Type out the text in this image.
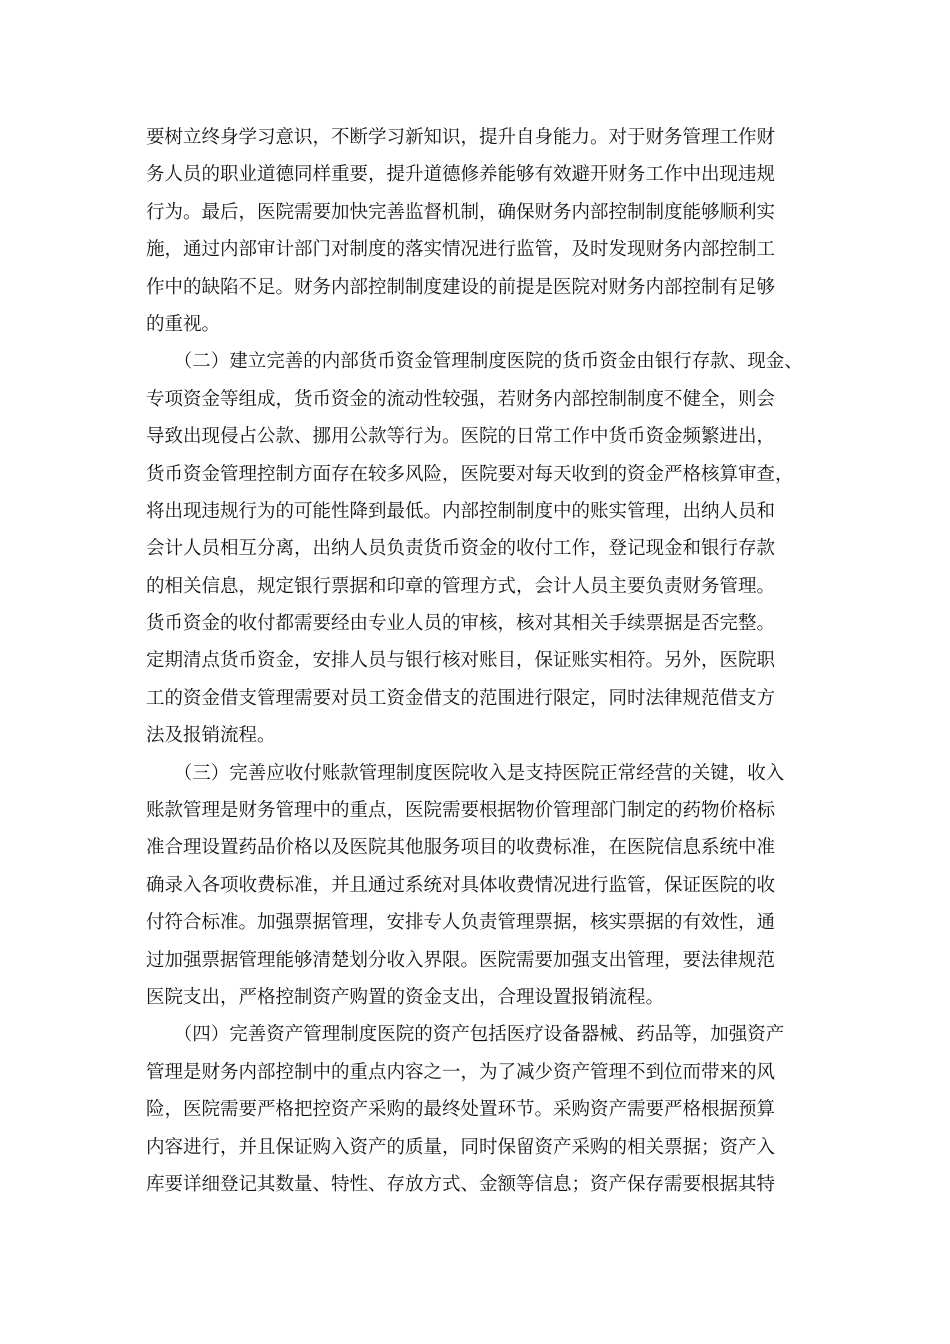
要树立终身学习意识，不断学习新知识，提升自身能力。对于财务管理工作财
务人员的职业道德同样重要，提升道德修养能够有效避开财务工作中出现违规
行为。最后，医院需要加快完善监督机制，确保财务内部控制制度能够顺利实
施，通过内部审计部门对制度的落实情况进行监管，及时发现财务内部控制工
作中的缺陷不足。财务内部控制制度建设的前提是医院对财务内部控制有足够
的重视。
　　（二）建立完善的内部货币资金管理制度医院的货币资金由银行存款、现金、
专项资金等组成，货币资金的流动性较强，若财务内部控制制度不健全，则会
导致出现侵占公款、挪用公款等行为。医院的日常工作中货币资金频繁进出，
货币资金管理控制方面存在较多风险，医院要对每天收到的资金严格核算审查，
将出现违规行为的可能性降到最低。内部控制制度中的账实管理，出纳人员和
会计人员相互分离，出纳人员负责货币资金的收付工作，登记现金和银行存款
的相关信息，规定银行票据和印章的管理方式，会计人员主要负责财务管理。
货币资金的收付都需要经由专业人员的审核，核对其相关手续票据是否完整。
定期清点货币资金，安排人员与银行核对账目，保证账实相符。另外，医院职
工的资金借支管理需要对员工资金借支的范围进行限定，同时法律规范借支方
法及报销流程。
　　（三）完善应收付账款管理制度医院收入是支持医院正常经营的关键，收入
账款管理是财务管理中的重点，医院需要根据物价管理部门制定的药物价格标
准合理设置药品价格以及医院其他服务项目的收费标准，在医院信息系统中准
确录入各项收费标准，并且通过系统对具体收费情况进行监管，保证医院的收
付符合标准。加强票据管理，安排专人负责管理票据，核实票据的有效性，通
过加强票据管理能够清楚划分收入界限。医院需要加强支出管理，要法律规范
医院支出，严格控制资产购置的资金支出，合理设置报销流程。
　　（四）完善资产管理制度医院的资产包括医疗设备器械、药品等，加强资产
管理是财务内部控制中的重点内容之一，为了减少资产管理不到位而带来的风
险，医院需要严格把控资产采购的最终处置环节。采购资产需要严格根据预算
内容进行，并且保证购入资产的质量，同时保留资产采购的相关票据；资产入
库要详细登记其数量、特性、存放方式、金额等信息；资产保存需要根据其特
